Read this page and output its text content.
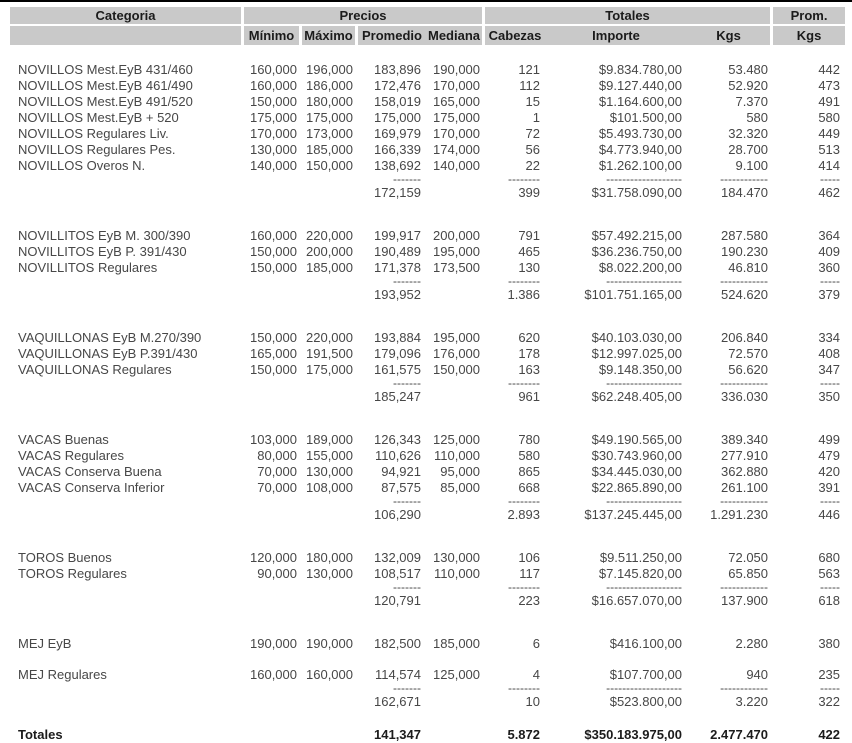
Categoria	Precios				Totales			Prom.
	Mínimo	Máximo	Promedio	Mediana	Cabezas	Importe	Kgs	Kgs

NOVILLOS Mest.EyB 431/460	160,000	196,000	183,896	190,000	121	$9.834.780,00	53.480	442
NOVILLOS Mest.EyB 461/490	160,000	186,000	172,476	170,000	112	$9.127.440,00	52.920	473
NOVILLOS Mest.EyB 491/520	150,000	180,000	158,019	165,000	15	$1.164.600,00	7.370	491
NOVILLOS Mest.EyB + 520	175,000	175,000	175,000	175,000	1	$101.500,00	580	580
NOVILLOS Regulares Liv.	170,000	173,000	169,979	170,000	72	$5.493.730,00	32.320	449
NOVILLOS Regulares Pes.	130,000	185,000	166,339	174,000	56	$4.773.940,00	28.700	513
NOVILLOS Overos N.	140,000	150,000	138,692	140,000	22	$1.262.100,00	9.100	414
			-------		--------	-------------------	------------	-----
			172,159		399	$31.758.090,00	184.470	462

NOVILLITOS EyB M. 300/390	160,000	220,000	199,917	200,000	791	$57.492.215,00	287.580	364
NOVILLITOS EyB P. 391/430	150,000	200,000	190,489	195,000	465	$36.236.750,00	190.230	409
NOVILLITOS Regulares	150,000	185,000	171,378	173,500	130	$8.022.200,00	46.810	360
			-------		--------	-------------------	------------	-----
			193,952		1.386	$101.751.165,00	524.620	379

VAQUILLONAS EyB M.270/390	150,000	220,000	193,884	195,000	620	$40.103.030,00	206.840	334
VAQUILLONAS EyB P.391/430	165,000	191,500	179,096	176,000	178	$12.997.025,00	72.570	408
VAQUILLONAS Regulares	150,000	175,000	161,575	150,000	163	$9.148.350,00	56.620	347
			-------		--------	-------------------	------------	-----
			185,247		961	$62.248.405,00	336.030	350

VACAS Buenas	103,000	189,000	126,343	125,000	780	$49.190.565,00	389.340	499
VACAS Regulares	80,000	155,000	110,626	110,000	580	$30.743.960,00	277.910	479
VACAS Conserva Buena	70,000	130,000	94,921	95,000	865	$34.445.030,00	362.880	420
VACAS Conserva Inferior	70,000	108,000	87,575	85,000	668	$22.865.890,00	261.100	391
			-------		--------	-------------------	------------	-----
			106,290		2.893	$137.245.445,00	1.291.230	446

TOROS Buenos	120,000	180,000	132,009	130,000	106	$9.511.250,00	72.050	680
TOROS Regulares	90,000	130,000	108,517	110,000	117	$7.145.820,00	65.850	563
			-------		--------	-------------------	------------	-----
			120,791		223	$16.657.070,00	137.900	618

MEJ EyB	190,000	190,000	182,500	185,000	6	$416.100,00	2.280	380

MEJ Regulares	160,000	160,000	114,574	125,000	4	$107.700,00	940	235
			-------		--------	-------------------	------------	-----
			162,671		10	$523.800,00	3.220	322

Totales			141,347		5.872	$350.183.975,00	2.477.470	422
